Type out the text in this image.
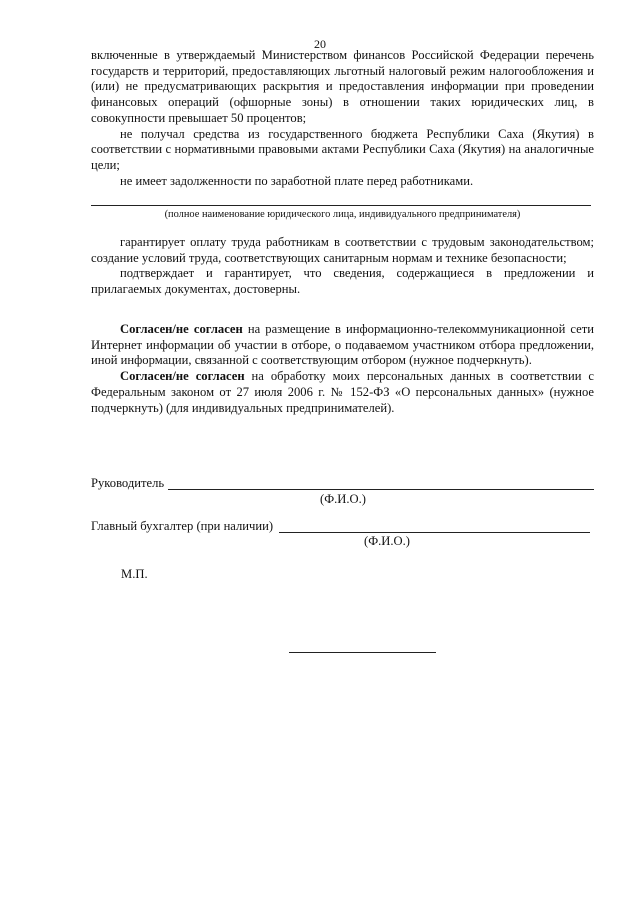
20

включенные в утверждаемый Министерством финансов Российской Федерации перечень государств и территорий, предоставляющих льготный налоговый режим налогообложения и (или) не предусматривающих раскрытия и предоставления информации при проведении финансовых операций (офшорные зоны) в отношении таких юридических лиц, в совокупности превышает 50 процентов;

не получал средства из государственного бюджета Республики Саха (Якутия) в соответствии с нормативными правовыми актами Республики Саха (Якутия) на аналогичные цели;

не имеет задолженности по заработной плате перед работниками.

(полное наименование юридического лица, индивидуального предпринимателя)

гарантирует оплату труда работникам в соответствии с трудовым законодательством; создание условий труда, соответствующих санитарным нормам и технике безопасности;

подтверждает и гарантирует, что сведения, содержащиеся в предложении и прилагаемых документах, достоверны.

Согласен/не согласен на размещение в информационно-телекоммуникационной сети Интернет информации об участии в отборе, о подаваемом участником отбора предложении, иной информации, связанной с соответствующим отбором (нужное подчеркнуть).

Согласен/не согласен на обработку моих персональных данных в соответствии с Федеральным законом от 27 июля 2006 г. № 152-ФЗ «О персональных данных» (нужное подчеркнуть) (для индивидуальных предпринимателей).

Руководитель
(Ф.И.О.)
Главный бухгалтер (при наличии)
(Ф.И.О.)
М.П.
